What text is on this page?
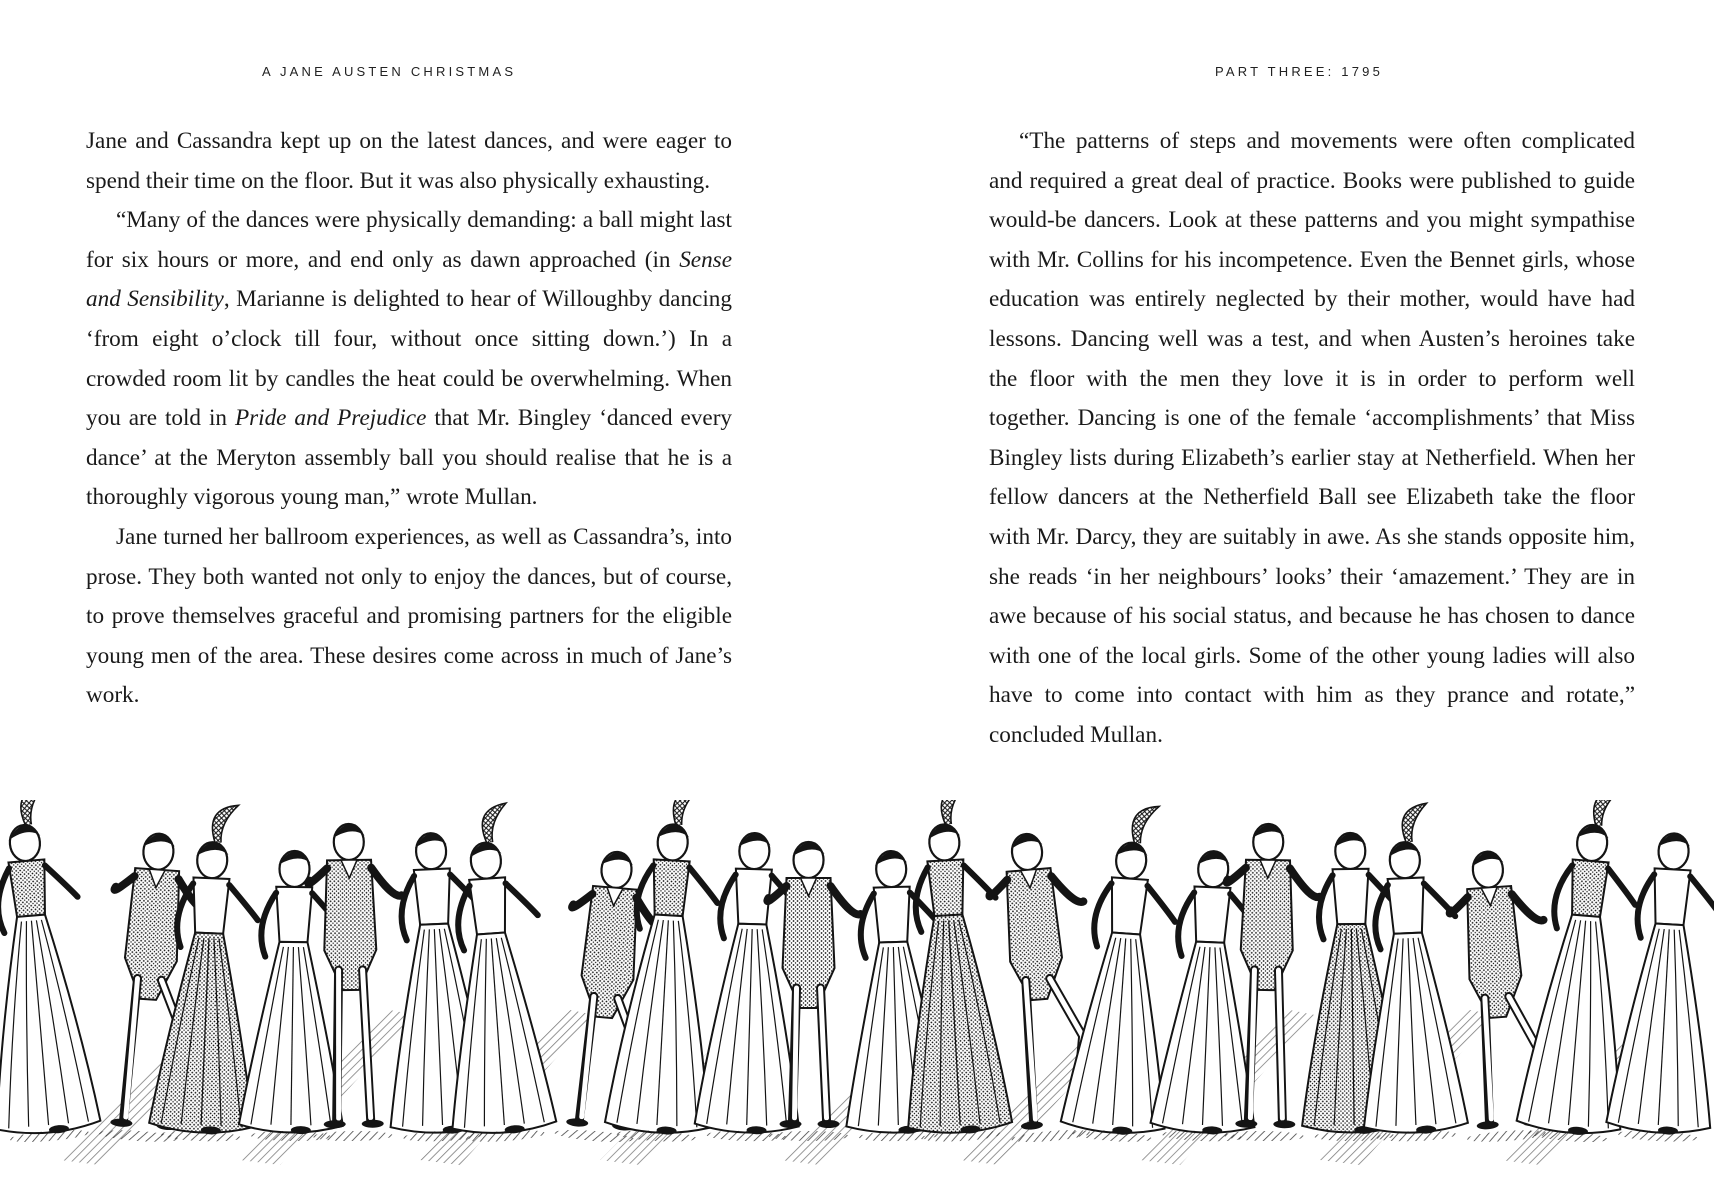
A JANE AUSTEN CHRISTMAS

Jane and Cassandra kept up on the latest dances, and were eager to spend their time on the floor. But it was also physically exhausting.

“Many of the dances were physically demanding: a ball might last for six hours or more, and end only as dawn approached (in Sense and Sensibility, Marianne is delighted to hear of Willoughby dancing ‘from eight o’clock till four, without once sitting down.’) In a crowded room lit by candles the heat could be overwhelming. When you are told in Pride and Prejudice that Mr. Bingley ‘danced every dance’ at the Meryton assembly ball you should realise that he is a thoroughly vigorous young man,” wrote Mullan.

Jane turned her ballroom experiences, as well as Cassandra’s, into prose. They both wanted not only to enjoy the dances, but of course, to prove themselves graceful and promising partners for the eligible young men of the area. These desires come across in much of Jane’s work.

PART THREE: 1795

“The patterns of steps and movements were often complicated and required a great deal of practice. Books were published to guide would-be dancers. Look at these patterns and you might sympathise with Mr. Collins for his incompetence. Even the Bennet girls, whose education was entirely neglected by their mother, would have had lessons. Dancing well was a test, and when Austen’s heroines take the floor with the men they love it is in order to perform well together. Dancing is one of the female ‘accomplishments’ that Miss Bingley lists during Elizabeth’s earlier stay at Netherfield. When her fellow dancers at the Netherfield Ball see Elizabeth take the floor with Mr. Darcy, they are suitably in awe. As she stands opposite him, she reads ‘in her neighbours’ looks’ their ‘amazement.’ They are in awe because of his social status, and because he has chosen to dance with one of the local girls. Some of the other young ladies will also have to come into contact with him as they prance and rotate,” concluded Mullan.
